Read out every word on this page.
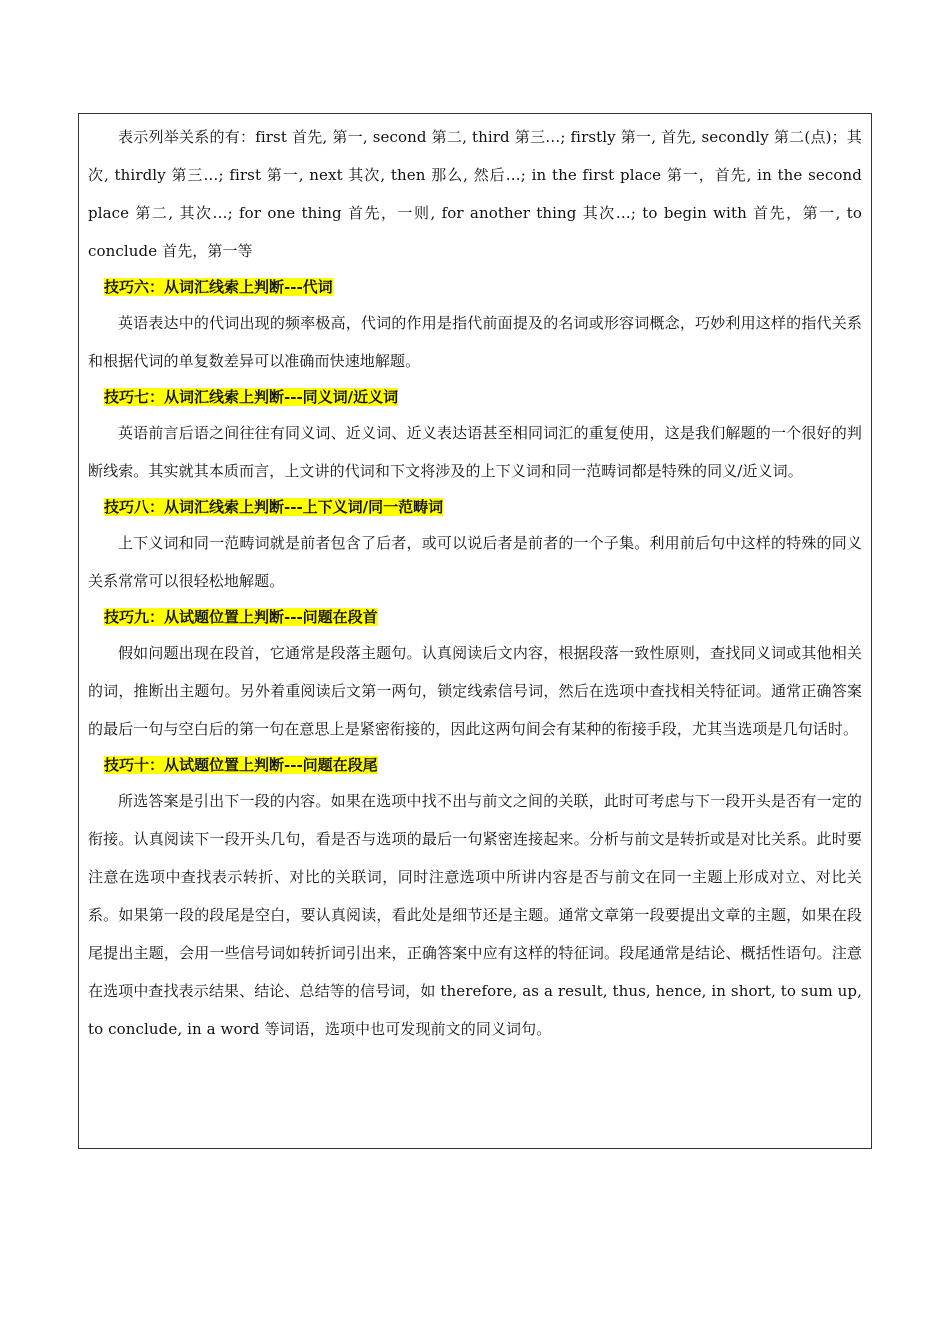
表示列举关系的有：first 首先, 第一, second 第二, third 第三…; firstly 第一, 首先, secondly 第二(点)；其次, thirdly 第三…; first 第一, next 其次, then 那么, 然后…; in the first place 第一，首先, in the second place 第二, 其次…; for one thing 首先，一则, for another thing 其次…; to begin with 首先，第一, to conclude 首先，第一等

技巧六：从词汇线索上判断---代词

英语表达中的代词出现的频率极高，代词的作用是指代前面提及的名词或形容词概念，巧妙利用这样的指代关系和根据代词的单复数差异可以准确而快速地解题。

技巧七：从词汇线索上判断---同义词/近义词

英语前言后语之间往往有同义词、近义词、近义表达语甚至相同词汇的重复使用，这是我们解题的一个很好的判断线索。其实就其本质而言，上文讲的代词和下文将涉及的上下义词和同一范畴词都是特殊的同义/近义词。

技巧八：从词汇线索上判断---上下义词/同一范畴词

上下义词和同一范畴词就是前者包含了后者，或可以说后者是前者的一个子集。利用前后句中这样的特殊的同义关系常常可以很轻松地解题。

技巧九：从试题位置上判断---问题在段首

假如问题出现在段首，它通常是段落主题句。认真阅读后文内容，根据段落一致性原则，查找同义词或其他相关的词，推断出主题句。另外着重阅读后文第一两句，锁定线索信号词，然后在选项中查找相关特征词。通常正确答案的最后一句与空白后的第一句在意思上是紧密衔接的，因此这两句间会有某种的衔接手段，尤其当选项是几句话时。

技巧十：从试题位置上判断---问题在段尾

所选答案是引出下一段的内容。如果在选项中找不出与前文之间的关联，此时可考虑与下一段开头是否有一定的衔接。认真阅读下一段开头几句，看是否与选项的最后一句紧密连接起来。分析与前文是转折或是对比关系。此时要注意在选项中查找表示转折、对比的关联词，同时注意选项中所讲内容是否与前文在同一主题上形成对立、对比关系。如果第一段的段尾是空白，要认真阅读，看此处是细节还是主题。通常文章第一段要提出文章的主题，如果在段尾提出主题，会用一些信号词如转折词引出来，正确答案中应有这样的特征词。段尾通常是结论、概括性语句。注意在选项中查找表示结果、结论、总结等的信号词，如 therefore, as a result, thus, hence, in short, to sum up, to conclude, in a word 等词语，选项中也可发现前文的同义词句。
